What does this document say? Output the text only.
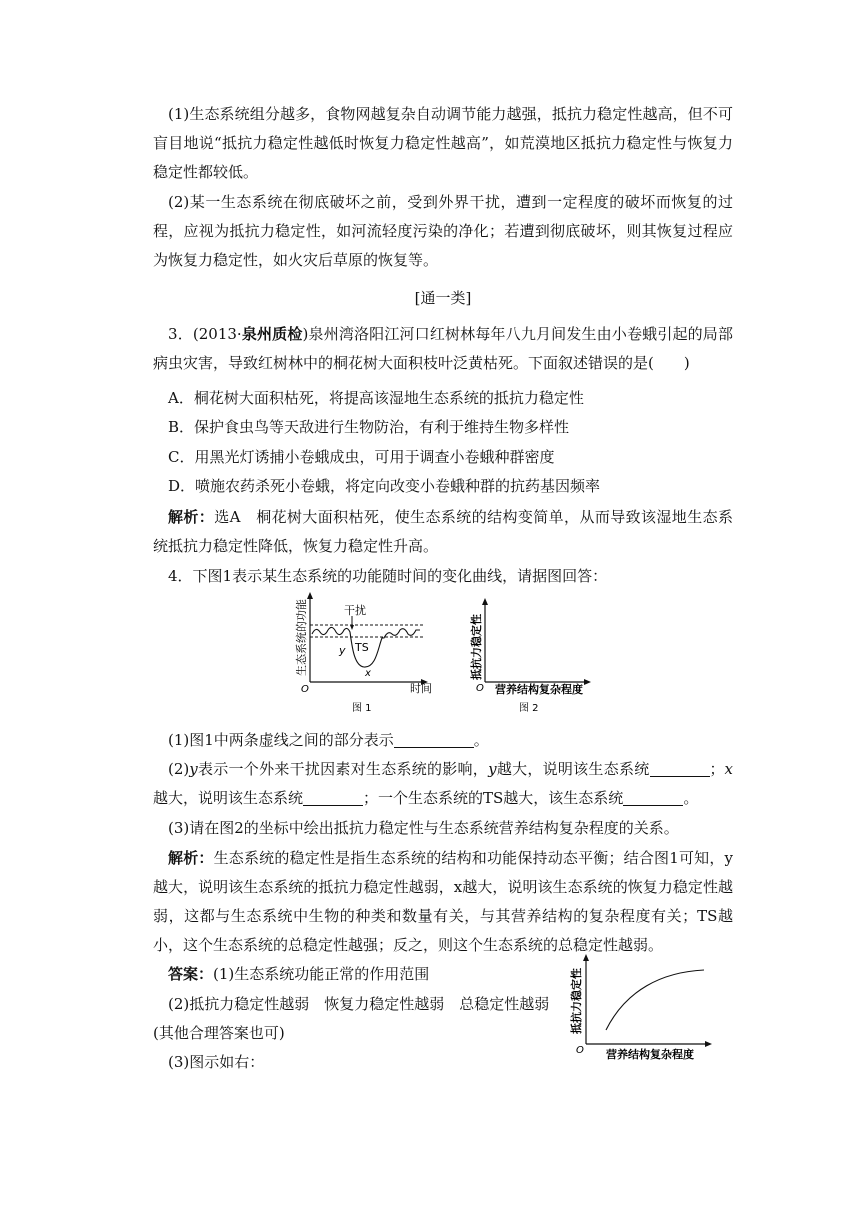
(1)生态系统组分越多，食物网越复杂自动调节能力越强，抵抗力稳定性越高，但不可盲目地说“抵抗力稳定性越低时恢复力稳定性越高”，如荒漠地区抵抗力稳定性与恢复力稳定性都较低。

(2)某一生态系统在彻底破坏之前，受到外界干扰，遭到一定程度的破坏而恢复的过程，应视为抵抗力稳定性，如河流轻度污染的净化；若遭到彻底破坏，则其恢复过程应为恢复力稳定性，如火灾后草原的恢复等。

[通一类]

3．(2013·泉州质检)泉州湾洛阳江河口红树林每年八九月间发生由小卷蛾引起的局部病虫灾害，导致红树林中的桐花树大面积枝叶泛黄枯死。下面叙述错误的是(　　)

A．桐花树大面积枯死，将提高该湿地生态系统的抵抗力稳定性

B．保护食虫鸟等天敌进行生物防治，有利于维持生物多样性

C．用黑光灯诱捕小卷蛾成虫，可用于调查小卷蛾种群密度

D．喷施农药杀死小卷蛾，将定向改变小卷蛾种群的抗药基因频率

解析：选A　桐花树大面积枯死，使生态系统的结构变简单，从而导致该湿地生态系统抵抗力稳定性降低，恢复力稳定性升高。

4．下图1表示某生态系统的功能随时间的变化曲线，请据图回答：

干扰
TS
y
x
O	时间
生态系统的功能
图 1
O 营养结构复杂程度
抵抗力稳定性
图 2

(1)图1中两条虚线之间的部分表示	。

(2)y表示一个外来干扰因素对生态系统的影响，y越大，说明该生态系统	；x越大，说明该生态系统	；一个生态系统的TS越大，该生态系统	。

(3)请在图2的坐标中绘出抵抗力稳定性与生态系统营养结构复杂程度的关系。

解析：生态系统的稳定性是指生态系统的结构和功能保持动态平衡；结合图1可知，y越大，说明该生态系统的抵抗力稳定性越弱，x越大，说明该生态系统的恢复力稳定性越弱，这都与生态系统中生物的种类和数量有关，与其营养结构的复杂程度有关；TS越小，这个生态系统的总稳定性越强；反之，则这个生态系统的总稳定性越弱。

答案：(1)生态系统功能正常的作用范围

(2)抵抗力稳定性越弱　恢复力稳定性越弱　总稳定性越弱

(其他合理答案也可)

(3)图示如右：

O 营养结构复杂程度
抵抗力稳定性
